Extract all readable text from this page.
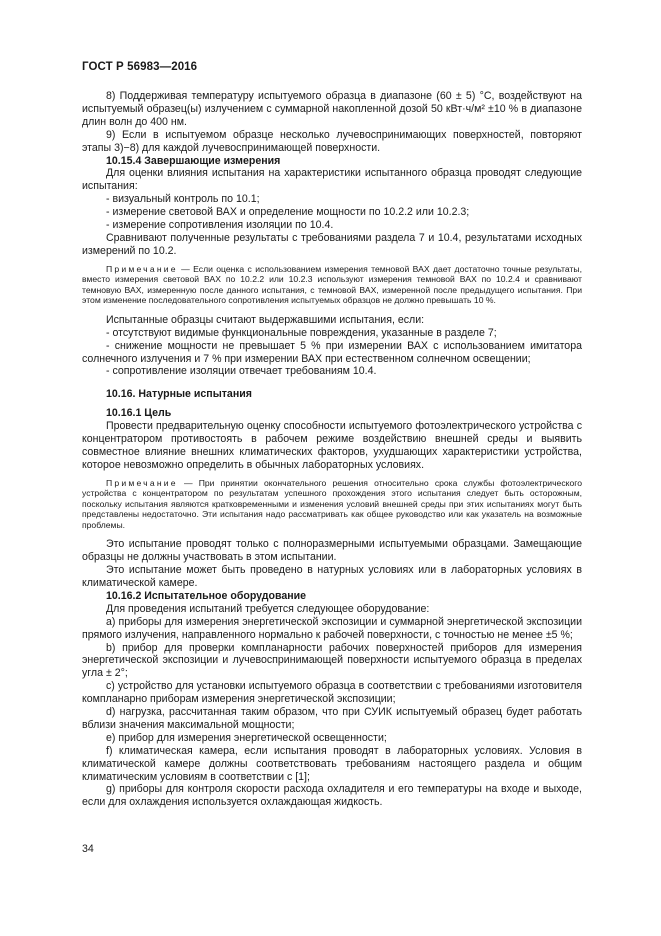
ГОСТ Р 56983—2016

8) Поддерживая температуру испытуемого образца в диапазоне (60 ± 5) °C, воздействуют на испытуемый образец(ы) излучением с суммарной накопленной дозой 50 кВт·ч/м² ±10 % в диапазоне длин волн до 400 нм.

9) Если в испытуемом образце несколько лучевоспринимающих поверхностей, повторяют этапы 3)−8) для каждой лучевоспринимающей поверхности.

10.15.4 Завершающие измерения

Для оценки влияния испытания на характеристики испытанного образца проводят следующие испытания:

- визуальный контроль по 10.1;

- измерение световой ВАХ и определение мощности по 10.2.2 или 10.2.3;

- измерение сопротивления изоляции по 10.4.

Сравнивают полученные результаты с требованиями раздела 7 и 10.4, результатами исходных измерений по 10.2.

Примечание — Если оценка с использованием измерения темновой ВАХ дает достаточно точные результаты, вместо измерения световой ВАХ по 10.2.2 или 10.2.3 используют измерения темновой ВАХ по 10.2.4 и сравнивают темновую ВАХ, измеренную после данного испытания, с темновой ВАХ, измеренной после предыдущего испытания. При этом изменение последовательного сопротивления испытуемых образцов не должно превышать 10 %.

Испытанные образцы считают выдержавшими испытания, если:

- отсутствуют видимые функциональные повреждения, указанные в разделе 7;

- снижение мощности не превышает 5 % при измерении ВАХ с использованием имитатора солнечного излучения и 7 % при измерении ВАХ при естественном солнечном освещении;

- сопротивление изоляции отвечает требованиям 10.4.

10.16. Натурные испытания
10.16.1 Цель

Провести предварительную оценку способности испытуемого фотоэлектрического устройства с концентратором противостоять в рабочем режиме воздействию внешней среды и выявить совместное влияние внешних климатических факторов, ухудшающих характеристики устройства, которое невозможно определить в обычных лабораторных условиях.

Примечание — При принятии окончательного решения относительно срока службы фотоэлектрического устройства с концентратором по результатам успешного прохождения этого испытания следует быть осторожным, поскольку испытания являются кратковременными и изменения условий внешней среды при этих испытаниях могут быть представлены недостаточно. Эти испытания надо рассматривать как общее руководство или как указатель на возможные проблемы.

Это испытание проводят только с полноразмерными испытуемыми образцами. Замещающие образцы не должны участвовать в этом испытании.

Это испытание может быть проведено в натурных условиях или в лабораторных условиях в климатической камере.

10.16.2 Испытательное оборудование

Для проведения испытаний требуется следующее оборудование:

a) приборы для измерения энергетической экспозиции и суммарной энергетической экспозиции прямого излучения, направленного нормально к рабочей поверхности, с точностью не менее ±5 %;

b) прибор для проверки компланарности рабочих поверхностей приборов для измерения энергетической экспозиции и лучевоспринимающей поверхности испытуемого образца в пределах угла ± 2°;

c) устройство для установки испытуемого образца в соответствии с требованиями изготовителя компланарно приборам измерения энергетической экспозиции;

d) нагрузка, рассчитанная таким образом, что при СУИК испытуемый образец будет работать вблизи значения максимальной мощности;

e) прибор для измерения энергетической освещенности;

f) климатическая камера, если испытания проводят в лабораторных условиях. Условия в климатической камере должны соответствовать требованиям настоящего раздела и общим климатическим условиям в соответствии с [1];

g) приборы для контроля скорости расхода охладителя и его температуры на входе и выходе, если для охлаждения используется охлаждающая жидкость.

34
